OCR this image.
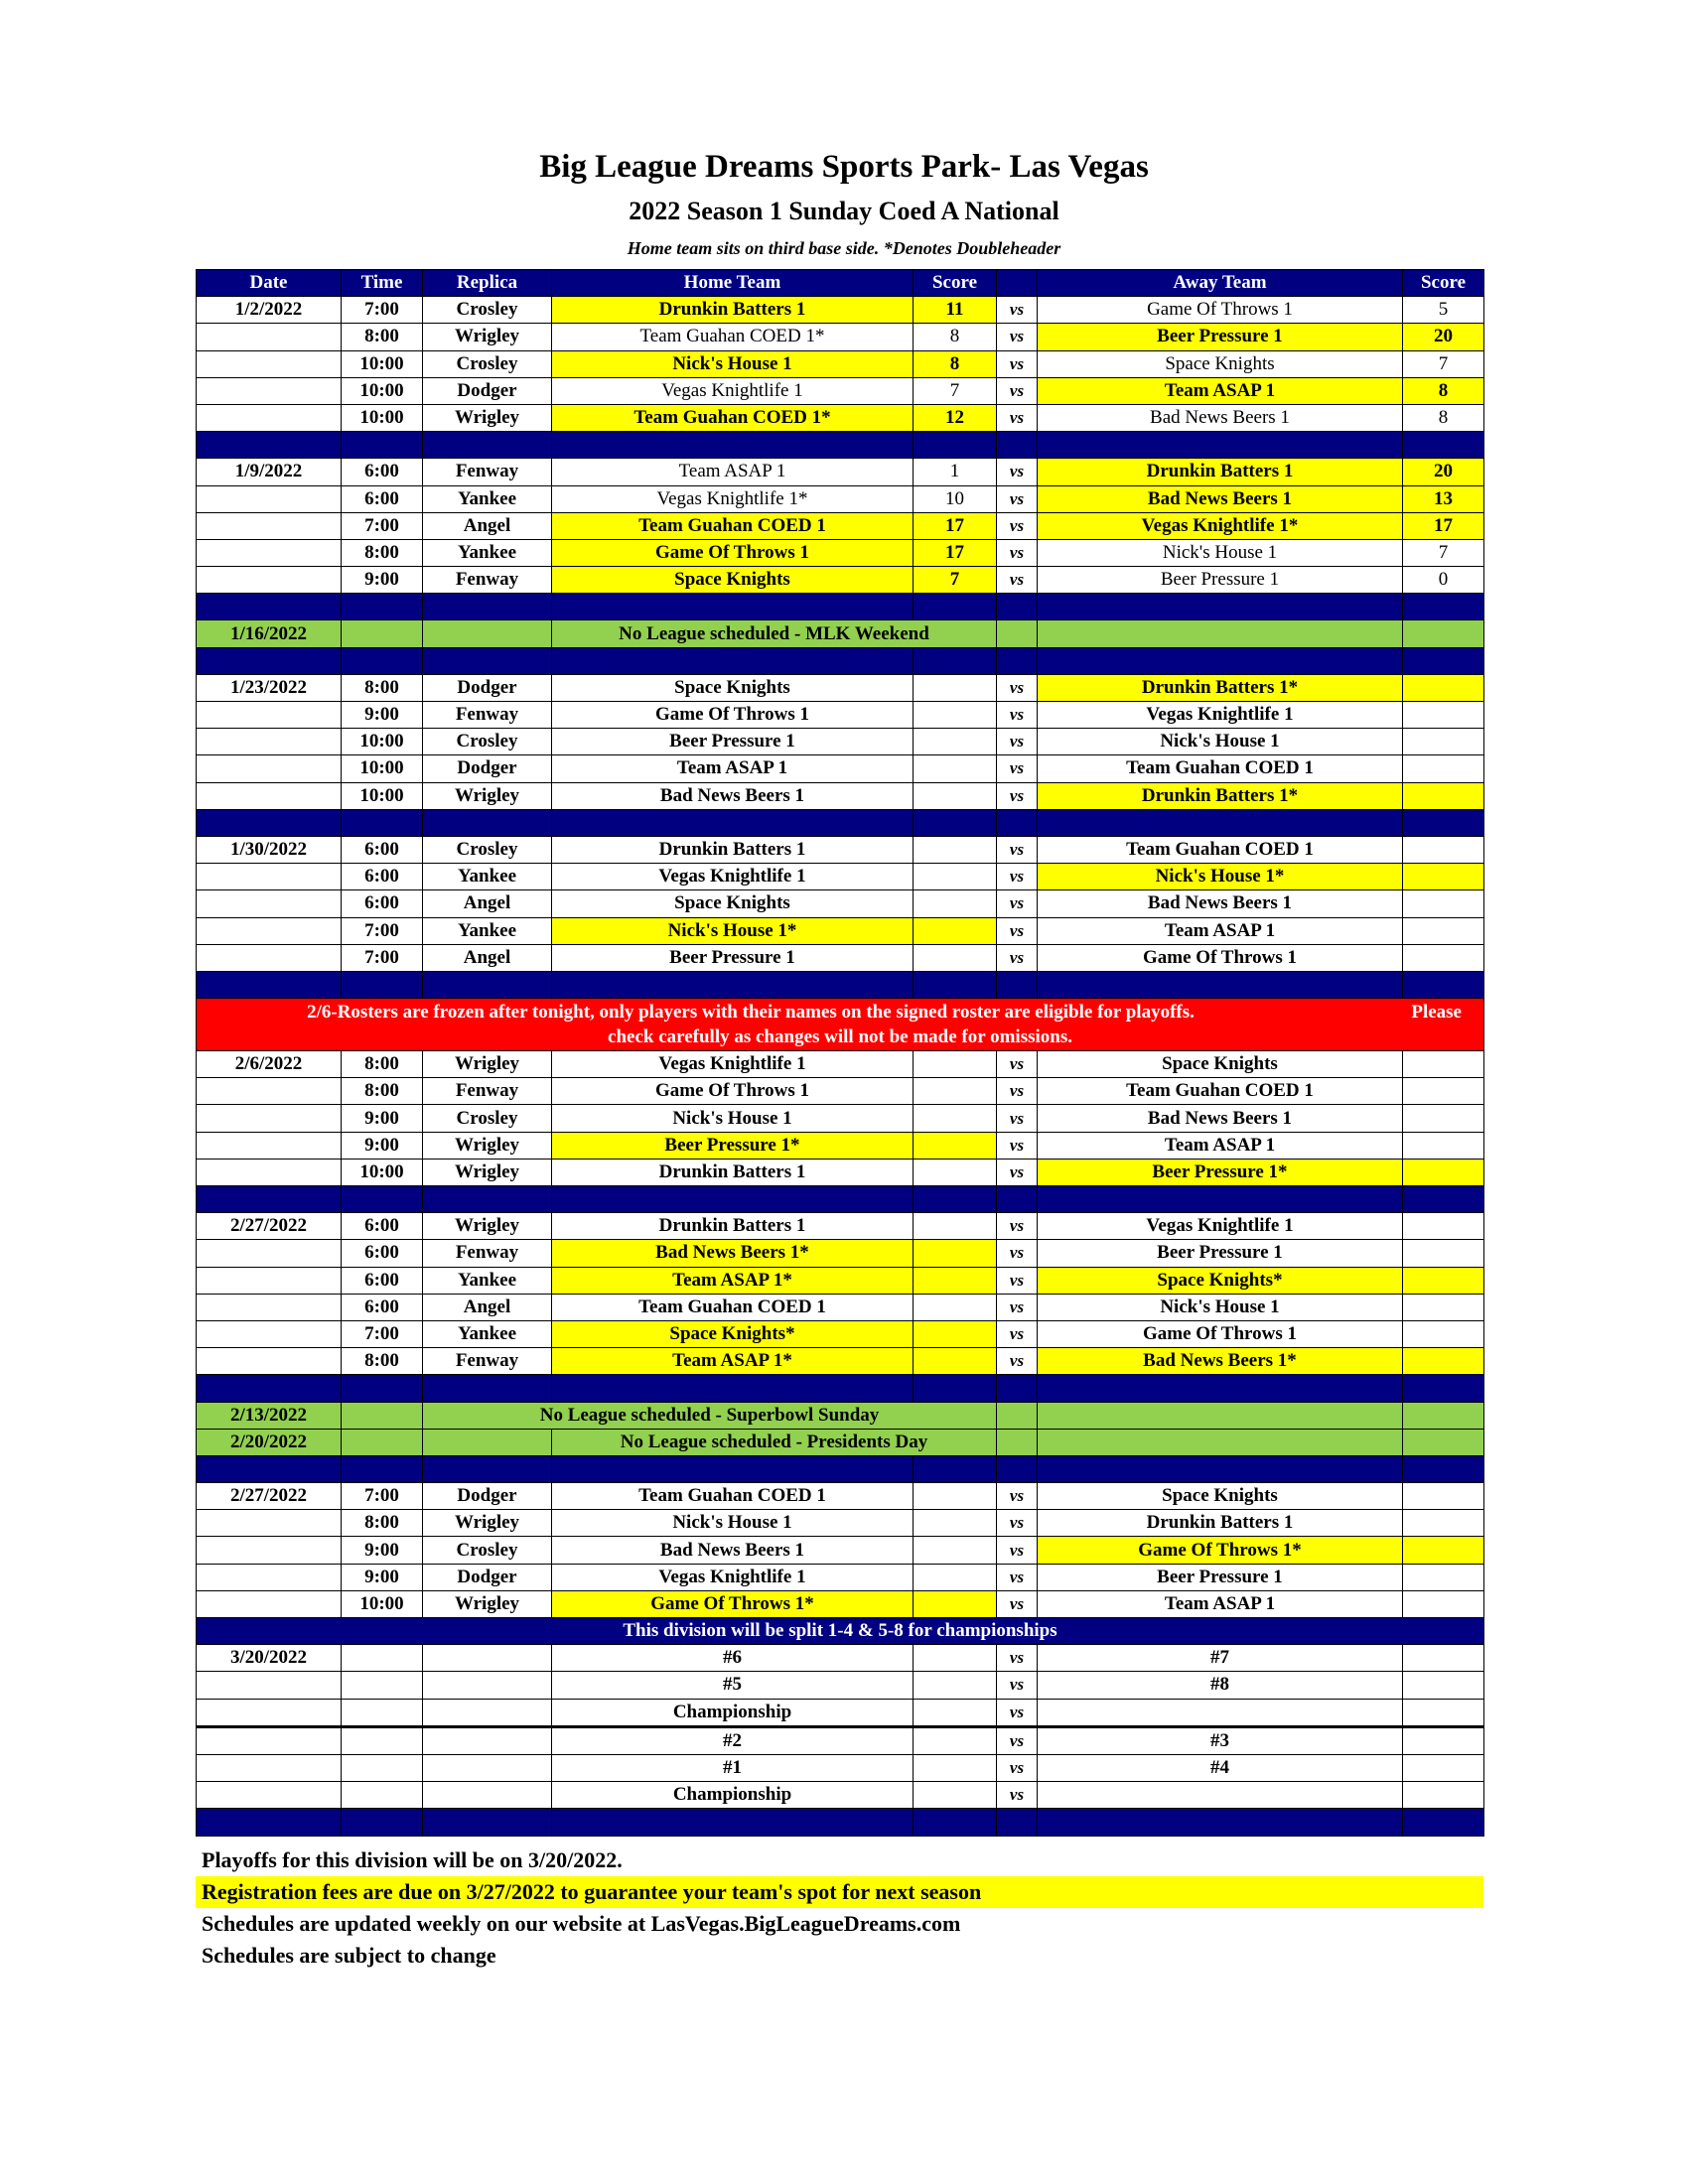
Big League Dreams Sports Park- Las Vegas
2022 Season 1 Sunday Coed A National
Home team sits on third base side. *Denotes Doubleheader
Date	Time	Replica	Home Team	Score		Away Team	Score
1/2/2022	7:00	Crosley	Drunkin Batters 1	11	vs	Game Of Throws 1	5
	8:00	Wrigley	Team Guahan COED 1*	8	vs	Beer Pressure 1	20
	10:00	Crosley	Nick's House 1	8	vs	Space Knights	7
	10:00	Dodger	Vegas Knightlife 1	7	vs	Team ASAP 1	8
	10:00	Wrigley	Team Guahan COED 1*	12	vs	Bad News Beers 1	8

1/9/2022	6:00	Fenway	Team ASAP 1	1	vs	Drunkin Batters 1	20
	6:00	Yankee	Vegas Knightlife 1*	10	vs	Bad News Beers 1	13
	7:00	Angel	Team Guahan COED 1	17	vs	Vegas Knightlife 1*	17
	8:00	Yankee	Game Of Throws 1	17	vs	Nick's House 1	7
	9:00	Fenway	Space Knights	7	vs	Beer Pressure 1	0

1/16/2022			No League scheduled - MLK Weekend				

1/23/2022	8:00	Dodger	Space Knights		vs	Drunkin Batters 1*	
	9:00	Fenway	Game Of Throws 1		vs	Vegas Knightlife 1	
	10:00	Crosley	Beer Pressure 1		vs	Nick's House 1	
	10:00	Dodger	Team ASAP 1		vs	Team Guahan COED 1	
	10:00	Wrigley	Bad News Beers 1		vs	Drunkin Batters 1*	

1/30/2022	6:00	Crosley	Drunkin Batters 1		vs	Team Guahan COED 1	
	6:00	Yankee	Vegas Knightlife 1		vs	Nick's House 1*	
	6:00	Angel	Space Knights		vs	Bad News Beers 1	
	7:00	Yankee	Nick's House 1*		vs	Team ASAP 1	
	7:00	Angel	Beer Pressure 1		vs	Game Of Throws 1	

2/6-Rosters are frozen after tonight, only players with their names on the signed roster are eligible for playoffs. Please
check carefully as changes will not be made for omissions.							

2/6/2022	8:00	Wrigley	Vegas Knightlife 1		vs	Space Knights	
	8:00	Fenway	Game Of Throws 1		vs	Team Guahan COED 1	
	9:00	Crosley	Nick's House 1		vs	Bad News Beers 1	
	9:00	Wrigley	Beer Pressure 1*		vs	Team ASAP 1	
	10:00	Wrigley	Drunkin Batters 1		vs	Beer Pressure 1*	

2/27/2022	6:00	Wrigley	Drunkin Batters 1		vs	Vegas Knightlife 1	
	6:00	Fenway	Bad News Beers 1*		vs	Beer Pressure 1	
	6:00	Yankee	Team ASAP 1*		vs	Space Knights*	
	6:00	Angel	Team Guahan COED 1		vs	Nick's House 1	
	7:00	Yankee	Space Knights*		vs	Game Of Throws 1	
	8:00	Fenway	Team ASAP 1*		vs	Bad News Beers 1*	

2/13/2022		No League scheduled - Superbowl Sunday					
2/20/2022			No League scheduled - Presidents Day				

2/27/2022	7:00	Dodger	Team Guahan COED 1		vs	Space Knights	
	8:00	Wrigley	Nick's House 1		vs	Drunkin Batters 1	
	9:00	Crosley	Bad News Beers 1		vs	Game Of Throws 1*	
	9:00	Dodger	Vegas Knightlife 1		vs	Beer Pressure 1	
	10:00	Wrigley	Game Of Throws 1*		vs	Team ASAP 1	
This division will be split 1-4 & 5-8 for championships							
3/20/2022			#6		vs	#7	
			#5		vs	#8	
			Championship		vs		
			#2		vs	#3	
			#1		vs	#4	
			Championship		vs		

Playoffs for this division will be on 3/20/2022.
Registration fees are due on 3/27/2022 to guarantee your team's spot for next season
Schedules are updated weekly on our website at LasVegas.BigLeagueDreams.com
Schedules are subject to change
